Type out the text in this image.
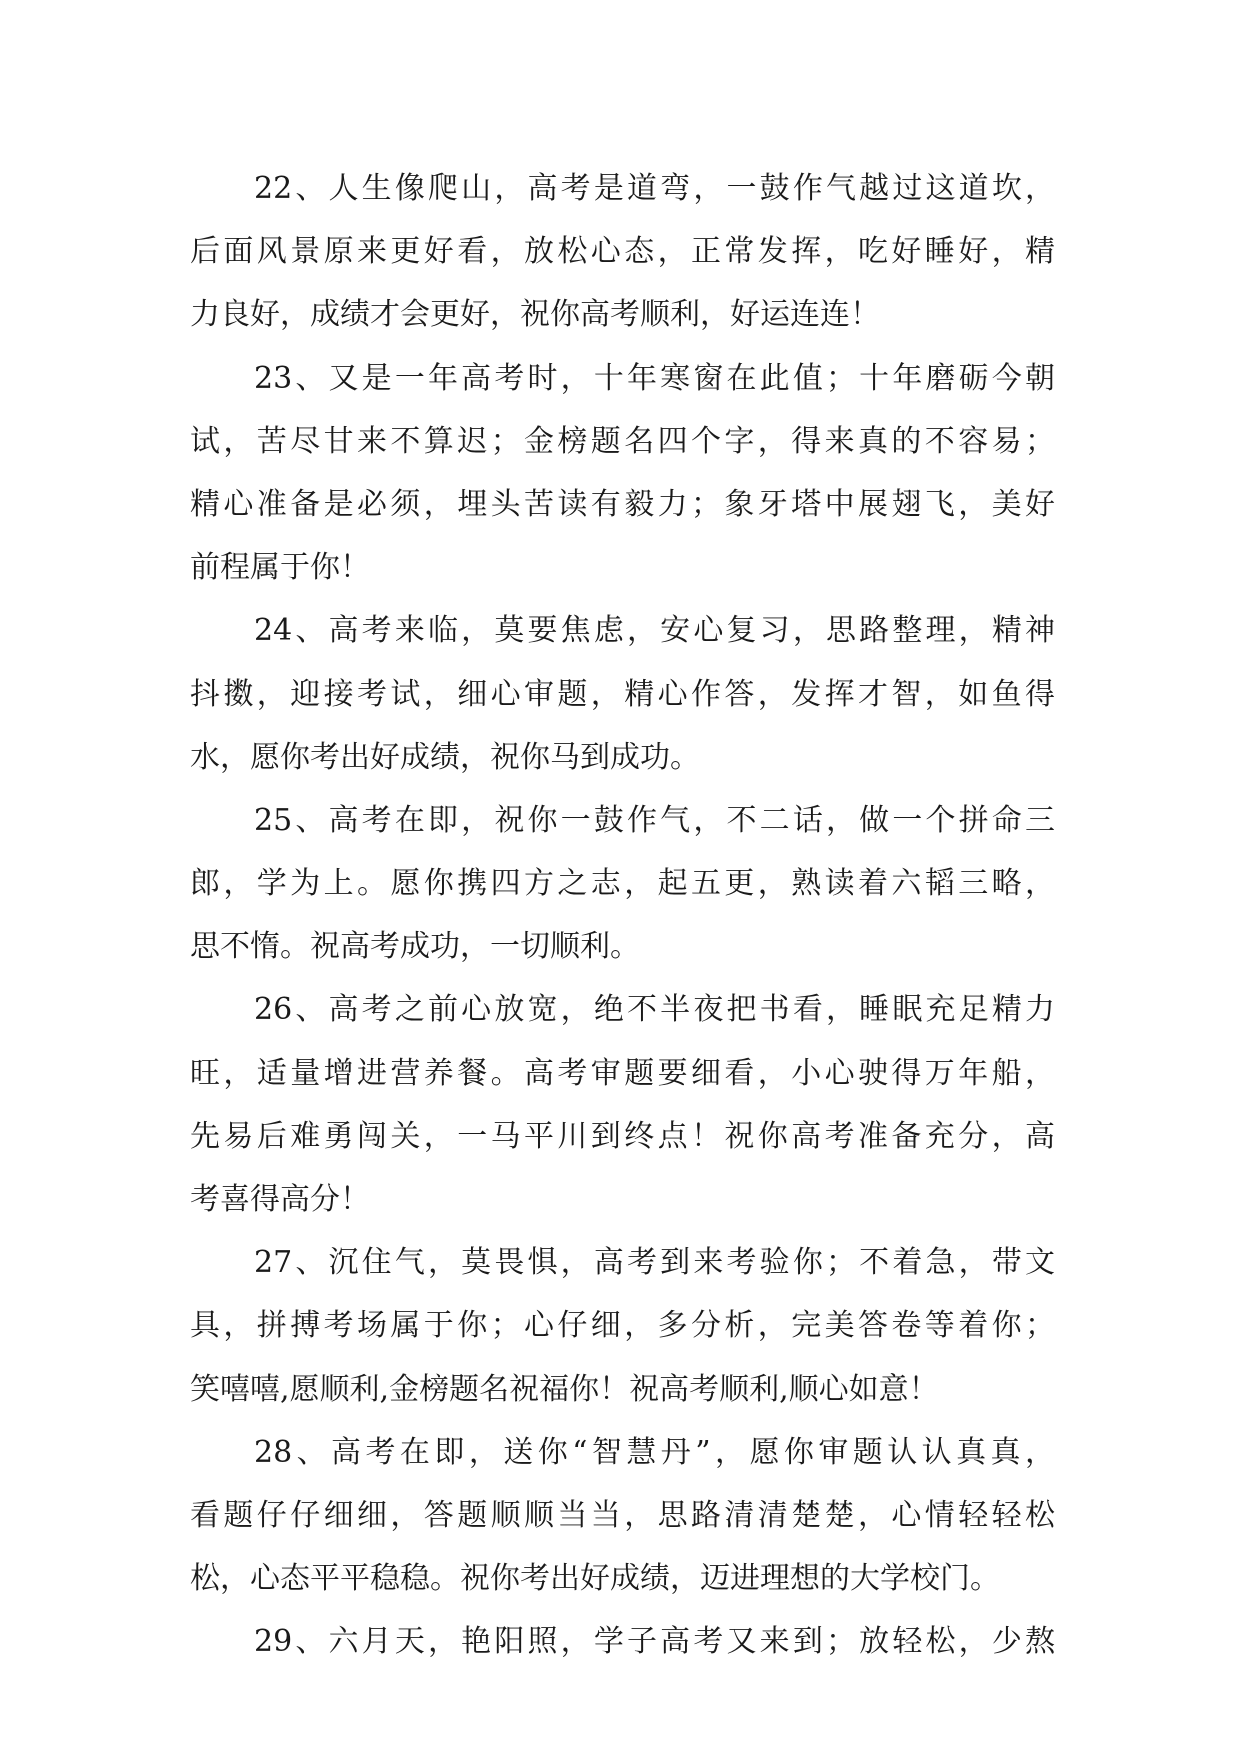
22、人生像爬山，高考是道弯，一鼓作气越过这道坎，
后面风景原来更好看，放松心态，正常发挥，吃好睡好，精
力良好，成绩才会更好，祝你高考顺利，好运连连！
23、又是一年高考时，十年寒窗在此值；十年磨砺今朝
试，苦尽甘来不算迟；金榜题名四个字，得来真的不容易；
精心准备是必须，埋头苦读有毅力；象牙塔中展翅飞，美好
前程属于你！
24、高考来临，莫要焦虑，安心复习，思路整理，精神
抖擞，迎接考试，细心审题，精心作答，发挥才智，如鱼得
水，愿你考出好成绩，祝你马到成功。
25、高考在即，祝你一鼓作气，不二话，做一个拼命三
郎，学为上。愿你携四方之志，起五更，熟读着六韬三略，
思不惰。祝高考成功，一切顺利。
26、高考之前心放宽，绝不半夜把书看，睡眠充足精力
旺，适量增进营养餐。高考审题要细看，小心驶得万年船，
先易后难勇闯关，一马平川到终点！祝你高考准备充分，高
考喜得高分！
27、沉住气，莫畏惧，高考到来考验你；不着急，带文
具，拼搏考场属于你；心仔细，多分析，完美答卷等着你；
笑嘻嘻,愿顺利,金榜题名祝福你！祝高考顺利,顺心如意！
28、高考在即，送你“智慧丹”，愿你审题认认真真，
看题仔仔细细，答题顺顺当当，思路清清楚楚，心情轻轻松
松，心态平平稳稳。祝你考出好成绩，迈进理想的大学校门。
29、六月天，艳阳照，学子高考又来到；放轻松，少熬
